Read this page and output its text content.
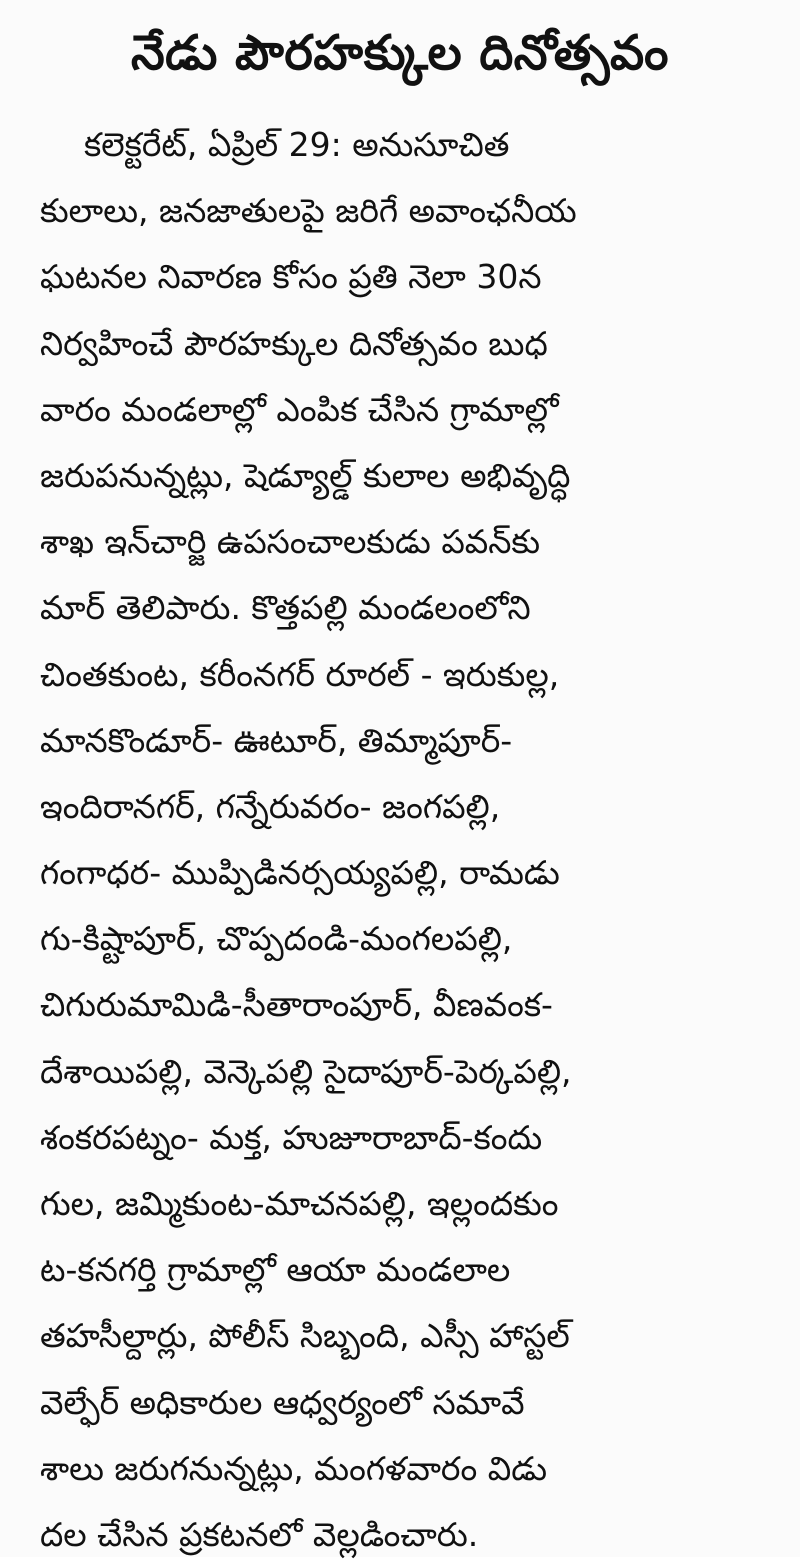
నేడు పౌరహక్కుల దినోత్సవం
కలెక్టరేట్, ఏప్రిల్ 29: అనుసూచిత
కులాలు, జనజాతులపై జరిగే అవాంఛనీయ
ఘటనల నివారణ కోసం ప్రతి నెలా 30న
నిర్వహించే పౌరహక్కుల దినోత్సవం బుధ
వారం మండలాల్లో ఎంపిక చేసిన గ్రామాల్లో
జరుపనున్నట్లు, షెడ్యూల్డ్ కులాల అభివృద్ధి
శాఖ ఇన్‌చార్జి ఉపసంచాలకుడు పవన్‌కు
మార్ తెలిపారు. కొత్తపల్లి మండలంలోని
చింతకుంట, కరీంనగర్ రూరల్ - ఇరుకుల్ల,
మానకొండూర్- ఊటూర్, తిమ్మాపూర్-
ఇందిరానగర్, గన్నేరువరం- జంగపల్లి,
గంగాధర- ముప్పిడినర్సయ్యపల్లి, రామడు
గు-కిష్టాపూర్, చొప్పదండి-మంగలపల్లి,
చిగురుమామిడి-సీతారాంపూర్, వీణవంక-
దేశాయిపల్లి, వెన్కెపల్లి సైదాపూర్-పెర్కపల్లి,
శంకరపట్నం- మక్త, హుజూరాబాద్-కందు
గుల, జమ్మికుంట-మాచనపల్లి, ఇల్లందకుం
ట-కనగర్తి గ్రామాల్లో ఆయా మండలాల
తహసీల్దార్లు, పోలీస్ సిబ్బంది, ఎస్సీ హాస్టల్
వెల్ఫేర్ అధికారుల ఆధ్వర్యంలో సమావే
శాలు జరుగనున్నట్లు, మంగళవారం విడు
దల చేసిన ప్రకటనలో వెల్లడించారు.
